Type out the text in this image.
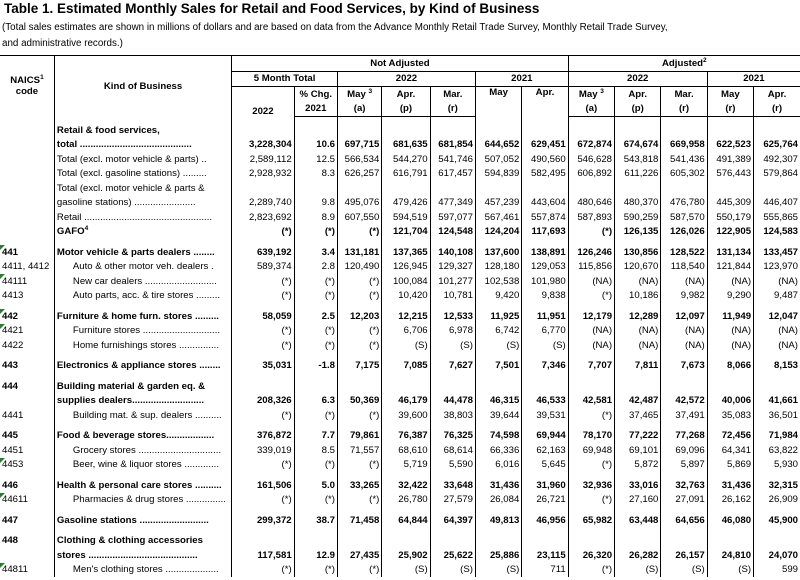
Table 1. Estimated Monthly Sales for Retail and Food Services, by Kind of Business
(Total sales estimates are shown in millions of dollars and are based on data from the Advance Monthly Retail Trade Survey, Monthly Retail Trade Survey,
and administrative records.)
NAICS$^1$
code	Kind of Business	Not Adjusted							Adjusted$^2$
		5 Month Total		2022			2021		2022			2021	
		2022	% Chg.	May $^3$	Apr.	Mar.	May	Apr.	May $^3$	Apr.	Mar.	May	Apr.
			2021	(a)	(p)	(r)			(a)	(p)	(r)	(r)	(r)

	Retail & food services,												
	total ..........................................	3,228,304	10.6	697,715	681,635	681,854	644,652	629,451	672,874	674,674	669,958	622,523	625,764
	Total (excl. motor vehicle & parts) ..	2,589,112	12.5	566,534	544,270	541,746	507,052	490,560	546,628	543,818	541,436	491,389	492,307
	Total (excl. gasoline stations) .........	2,928,932	8.3	626,257	616,791	617,457	594,839	582,495	606,892	611,226	605,302	576,443	579,864
	Total (excl. motor vehicle & parts &												
	gasoline stations) .......................	2,289,740	9.8	495,076	479,426	477,349	457,239	443,604	480,646	480,370	476,780	445,309	446,407
	Retail ................................................	2,823,692	8.9	607,550	594,519	597,077	567,461	557,874	587,893	590,259	587,570	550,179	555,865
	GAFO$^4$	(*)	(*)	(*)	121,704	124,548	124,204	117,693	(*)	126,135	126,026	122,905	124,583

441	Motor vehicle & parts dealers ........	639,192	3.4	131,181	137,365	140,108	137,600	138,891	126,246	130,856	128,522	131,134	133,457
4411, 4412	Auto & other motor veh. dealers .	589,374	2.8	120,490	126,945	129,327	128,180	129,053	115,856	120,670	118,540	121,844	123,970
44111	New car dealers ...........................	(*)	(*)	(*)	100,084	101,277	102,538	101,980	(NA)	(NA)	(NA)	(NA)	(NA)
4413	Auto parts, acc. & tire stores .........	(*)	(*)	(*)	10,420	10,781	9,420	9,838	(*)	10,186	9,982	9,290	9,487

442	Furniture & home furn. stores .........	58,059	2.5	12,203	12,215	12,533	11,925	11,951	12,179	12,289	12,097	11,949	12,047
4421	Furniture stores .............................	(*)	(*)	(*)	6,706	6,978	6,742	6,770	(NA)	(NA)	(NA)	(NA)	(NA)
4422	Home furnishings stores ...............	(*)	(*)	(*)	(S)	(S)	(S)	(S)	(NA)	(NA)	(NA)	(NA)	(NA)

443	Electronics & appliance stores ........	35,031	-1.8	7,175	7,085	7,627	7,501	7,346	7,707	7,811	7,673	8,066	8,153

444	Building material & garden eq. &												
	supplies dealers...........................	208,326	6.3	50,369	46,179	44,478	46,315	46,533	42,581	42,487	42,572	40,006	41,661
4441	Building mat. & sup. dealers ..........	(*)	(*)	(*)	39,600	38,803	39,644	39,531	(*)	37,465	37,491	35,083	36,501

445	Food & beverage stores..................	376,872	7.7	79,861	76,387	76,325	74,598	69,944	78,170	77,222	77,268	72,456	71,984
4451	Grocery stores ...............................	339,019	8.5	71,557	68,610	68,614	66,336	62,163	69,948	69,101	69,096	64,341	63,822
4453	Beer, wine & liquor stores .............	(*)	(*)	(*)	5,719	5,590	6,016	5,645	(*)	5,872	5,897	5,869	5,930

446	Health & personal care stores ..........	161,506	5.0	33,265	32,422	33,648	31,436	31,960	32,936	33,016	32,763	31,436	32,315
44611	Pharmacies & drug stores ...............	(*)	(*)	(*)	26,780	27,579	26,084	26,721	(*)	27,160	27,091	26,162	26,909

447	Gasoline stations ..........................	299,372	38.7	71,458	64,844	64,397	49,813	46,956	65,982	63,448	64,656	46,080	45,900

448	Clothing & clothing accessories												
	stores .........................................	117,581	12.9	27,435	25,902	25,622	25,886	23,115	26,320	26,282	26,157	24,810	24,070
44811	Men's clothing stores ....................	(*)	(*)	(*)	(S)	(S)	(S)	711	(*)	(S)	(S)	(S)	599
